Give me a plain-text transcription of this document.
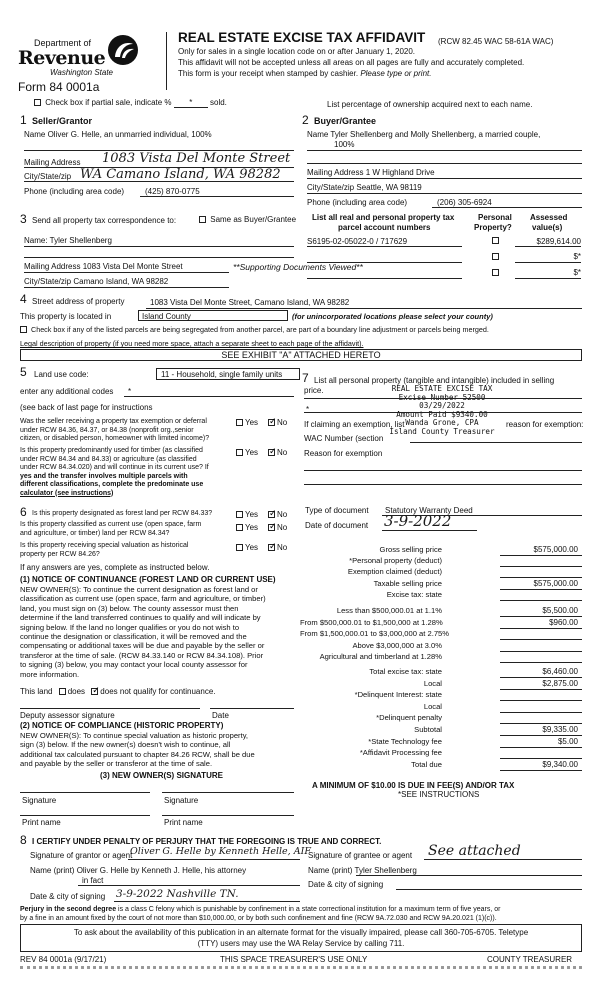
Department of
Revenue
Washington State
Form 84 0001a
REAL ESTATE EXCISE TAX AFFIDAVIT (RCW 82.45 WAC 58-61A WAC)
Only for sales in a single location code on or after January 1, 2020.
This affidavit will not be accepted unless all areas on all pages are fully and accurately completed.
This form is your receipt when stamped by cashier. Please type or print.
Check box if partial sale, indicate % * sold.	List percentage of ownership acquired next to each name.
1 Seller/Grantor	2 Buyer/Grantee
Name Oliver G. Helle, an unmarried individual, 100%
Mailing Address 1083 Vista Del Monte Street
City/State/zip WA Camano Island, WA 98282
Phone (including area code)	(425) 870-0775
Name Tyler Shellenberg and Molly Shellenberg, a married couple,
100%
Mailing Address 1 W Highland Drive
City/State/zip Seattle, WA 98119
Phone (including area code)	(206) 305-6924
3 Send all property tax correspondence to:	Same as Buyer/Grantee
Name: Tyler Shellenberg
Mailing Address 1083 Vista Del Monte Street	**Supporting Documents Viewed**
City/State/zip Camano Island, WA 98282
List all real and personal property tax
parcel account numbers
Personal
Property?
Assessed
value(s)
S6195-02-05022-0 / 717629	$289,614.00
$*
$*
4 Street address of property	1083 Vista Del Monte Street, Camano Island, WA 98282
This property is located in	Island County	(for unincorporated locations please select your county)
Check box if any of the listed parcels are being segregated from another parcel, are part of a boundary line adjustment or parcels being merged.
Legal description of property (if you need more space, attach a separate sheet to each page of the affidavit).
SEE EXHIBIT "A" ATTACHED HERETO
5 Land use code:	11 - Household, single family units
enter any additional codes *
(see back of last page for instructions
Was the seller receiving a property tax exemption or deferral
under RCW 84.36, 84.37, or 84.38 (nonprofit org.,senior
citizen, or disabled person, homeowner with limited income)?
Yes ✓	No
Is this property predominantly used for timber (as classified
under RCW 84.34 and 84.33) or agriculture (as classified
under RCW 84.34.020) and will continue in its current use? If
yes and the transfer involves multiple parcels with
different classifications, complete the predominate use
calculator (see instructions)
Yes ✓	No
7 List all personal property (tangible and intangible) included in selling
price.	REAL ESTATE EXCISE TAX
Excise Number 52500
03/29/2022
Amount Paid $9340.00
Wanda Grone, CPA
Island County Treasurer
*
If claiming an exemption, list	reason for exemption:
WAC Number (section
Reason for exemption
6 Is this property designated as forest land per RCW 84.33?	Yes ✓	No
Is this property classified as current use (open space, farm
and agriculture, or timber) land per RCW 84.34?
Yes ✓	No
Is this property receiving special valuation as historical
property per RCW 84.26?
Yes ✓	No
If any answers are yes, complete as instructed below.
(1) NOTICE OF CONTINUANCE (FOREST LAND OR CURRENT USE)
NEW OWNER(S): To continue the current designation as forest land or
classification as current use (open space, farm and agriculture, or timber)
land, you must sign on (3) below. The county assessor must then
determine if the land transferred continues to qualify and will indicate by
signing below. If the land no longer qualifies or you do not wish to
continue the designation or classification, it will be removed and the
compensating or additional taxes will be due and payable by the seller or
transferor at the time of sale. (RCW 84.33.140 or RCW 84.34.108). Prior
to signing (3) below, you may contact your local county assessor for
more information.
This land does ✓ does not qualify for continuance.
Deputy assessor signature	Date
(2) NOTICE OF COMPLIANCE (HISTORIC PROPERTY)
NEW OWNER(S): To continue special valuation as historic property,
sign (3) below. If the new owner(s) doesn't wish to continue, all
additional tax calculated pursuant to chapter 84.26 RCW, shall be due
and payable by the seller or transferor at the time of sale.
(3) NEW OWNER(S) SIGNATURE
Signature	Signature
Print name	Print name
Type of document Statutory Warranty Deed
Date of document 3-9-2022
Gross selling price	$575,000.00
*Personal property (deduct)
Exemption claimed (deduct)
Taxable selling price	$575,000.00
Excise tax: state
Less than $500,000.01 at 1.1%	$5,500.00
From $500,000.01 to $1,500,000 at 1.28%	$960.00
From $1,500,000.01 to $3,000,000 at 2.75%
Above $3,000,000 at 3.0%
Agricultural and timberland at 1.28%
Total excise tax: state	$6,460.00
Local	$2,875.00
*Delinquent Interest: state
Local
*Delinquent penalty
Subtotal	$9,335.00
*State Technology fee	$5.00
*Affidavit Processing fee
Total due	$9,340.00
A MINIMUM OF $10.00 IS DUE IN FEE(S) AND/OR TAX
*SEE INSTRUCTIONS
8 I CERTIFY UNDER PENALTY OF PERJURY THAT THE FOREGOING IS TRUE AND CORRECT.
Signature of grantor or agent
Oliver G. Helle by Kenneth Helle, AIF
Signature of grantee or agent See attached
Name (print) Oliver G. Helle by Kenneth J. Helle, his attorney
in fact
Name (print) Tyler Shellenberg
Date & city of signing
Date & city of signing 3-9-2022 Nashville TN.
Perjury in the second degree is a class C felony which is punishable by confinement in a state correctional institution for a maximum term of five years, or
by a fine in an amount fixed by the court of not more than $10,000.00, or by both such confinement and fine (RCW 9A.72.030 and RCW 9A.20.021 (1)(c)).
To ask about the availability of this publication in an alternate format for the visually impaired, please call 360-705-6705. Teletype
(TTY) users may use the WA Relay Service by calling 711.
REV 84 0001a (9/17/21)	THIS SPACE TREASURER'S USE ONLY	COUNTY TREASURER
